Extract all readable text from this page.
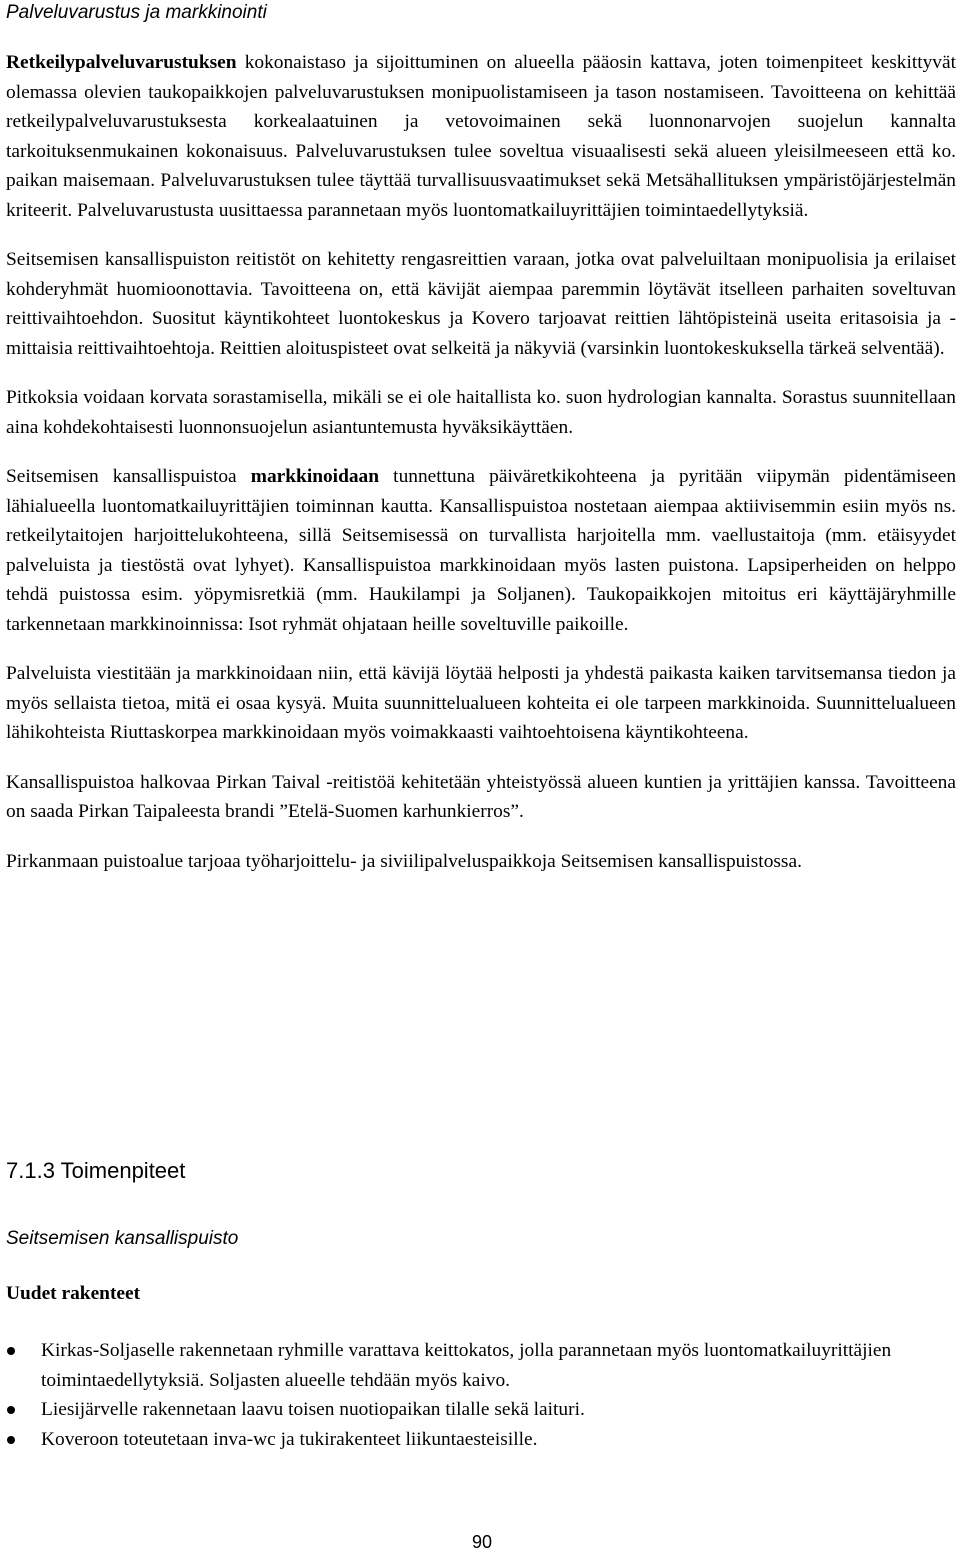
Palveluvarustus ja markkinointi

Retkeilypalveluvarustuksen kokonaistaso ja sijoittuminen on alueella pääosin kattava, joten toimenpiteet keskittyvät olemassa olevien taukopaikkojen palveluvarustuksen monipuolistamiseen ja tason nostamiseen. Tavoitteena on kehittää retkeilypalveluvarustuksesta korkealaatuinen ja vetovoimainen sekä luonnonarvojen suojelun kannalta tarkoituksenmukainen kokonaisuus. Palveluvarustuksen tulee soveltua visuaalisesti sekä alueen yleisilmeeseen että ko. paikan maisemaan. Palveluvarustuksen tulee täyttää turvallisuusvaatimukset sekä Metsähallituksen ympäristöjärjestelmän kriteerit. Palveluvarustusta uusittaessa parannetaan myös luontomatkailuyrittäjien toimintaedellytyksiä.

Seitsemisen kansallispuiston reitistöt on kehitetty rengasreittien varaan, jotka ovat palveluiltaan monipuolisia ja erilaiset kohderyhmät huomioonottavia. Tavoitteena on, että kävijät aiempaa paremmin löytävät itselleen parhaiten soveltuvan reittivaihtoehdon. Suositut käyntikohteet luontokeskus ja Kovero tarjoavat reittien lähtöpisteinä useita eritasoisia ja -mittaisia reittivaihtoehtoja. Reittien aloituspisteet ovat selkeitä ja näkyviä (varsinkin luontokeskuksella tärkeä selventää).

Pitkoksia voidaan korvata sorastamisella, mikäli se ei ole haitallista ko. suon hydrologian kannalta. Sorastus suunnitellaan aina kohdekohtaisesti luonnonsuojelun asiantuntemusta hyväksikäyttäen.

Seitsemisen kansallispuistoa markkinoidaan tunnettuna päiväretkikohteena ja pyritään viipymän pidentämiseen lähialueella luontomatkailuyrittäjien toiminnan kautta. Kansallispuistoa nostetaan aiempaa aktiivisemmin esiin myös ns. retkeilytaitojen harjoittelukohteena, sillä Seitsemisessä on turvallista harjoitella mm. vaellustaitoja (mm. etäisyydet palveluista ja tiestöstä ovat lyhyet). Kansallispuistoa markkinoidaan myös lasten puistona. Lapsiperheiden on helppo tehdä puistossa esim. yöpymisretkiä (mm. Haukilampi ja Soljanen). Taukopaikkojen mitoitus eri käyttäjäryhmille tarkennetaan markkinoinnissa: Isot ryhmät ohjataan heille soveltuville paikoille.

Palveluista viestitään ja markkinoidaan niin, että kävijä löytää helposti ja yhdestä paikasta kaiken tarvitsemansa tiedon ja myös sellaista tietoa, mitä ei osaa kysyä. Muita suunnittelualueen kohteita ei ole tarpeen markkinoida. Suunnittelualueen lähikohteista Riuttaskorpea markkinoidaan myös voimakkaasti vaihtoehtoisena käyntikohteena.

Kansallispuistoa halkovaa Pirkan Taival -reitistöä kehitetään yhteistyössä alueen kuntien ja yrittäjien kanssa. Tavoitteena on saada Pirkan Taipaleesta brandi ”Etelä-Suomen karhunkierros”.

Pirkanmaan puistoalue tarjoaa työharjoittelu- ja siviilipalveluspaikkoja Seitsemisen kansallispuistossa.

7.1.3 Toimenpiteet
Seitsemisen kansallispuisto
Uudet rakenteet
Kirkas-Soljaselle rakennetaan ryhmille varattava keittokatos, jolla parannetaan myös luontomatkailuyrittäjien toimintaedellytyksiä. Soljasten alueelle tehdään myös kaivo.
Liesijärvelle rakennetaan laavu toisen nuotiopaikan tilalle sekä laituri.
Koveroon toteutetaan inva-wc ja tukirakenteet liikuntaesteisille.
90
